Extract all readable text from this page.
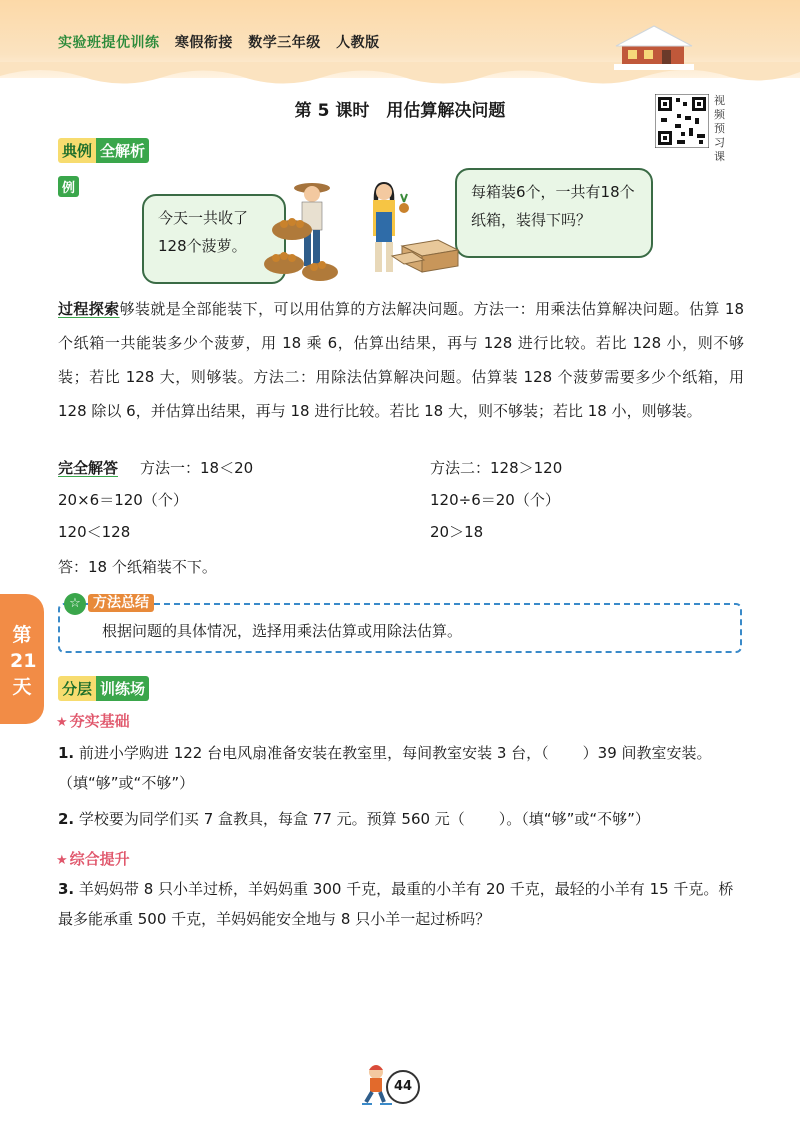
实验班提优训练 寒假衔接 数学三年级 人教版
第 5 课时　用估算解决问题
视频预习课
典例 全解析
例
今天一共收了128个菠萝。
每箱装6个，一共有18个纸箱，装得下吗？
过程探索够装就是全部能装下，可以用估算的方法解决问题。方法一：用乘法估算解决问题。估算 18 个纸箱一共能装多少个菠萝，用 18 乘 6，估算出结果，再与 128 进行比较。若比 128 小，则不够装；若比 128 大，则够装。方法二：用除法估算解决问题。估算装 128 个菠萝需要多少个纸箱，用 128 除以 6，并估算出结果，再与 18 进行比较。若比 18 大，则不够装；若比 18 小，则够装。
完全解答 方法一：18＜20
20×6＝120（个）
120＜128
方法二：128＞120
120÷6＝20（个）
20＞18
答：18 个纸箱装不下。
☆ 方法总结
根据问题的具体情况，选择用乘法估算或用除法估算。
第21天 分层 训练场
★ 夯实基础
1. 前进小学购进 122 台电风扇准备安装在教室里，每间教室安装 3 台，（ ）39 间教室安装。（填“够”或“不够”）
2. 学校要为同学们买 7 盒教具，每盒 77 元。预算 560 元（ ）。（填“够”或“不够”）
★ 综合提升
3. 羊妈妈带 8 只小羊过桥，羊妈妈重 300 千克，最重的小羊有 20 千克，最轻的小羊有 15 千克。桥最多能承重 500 千克，羊妈妈能安全地与 8 只小羊一起过桥吗？
44
